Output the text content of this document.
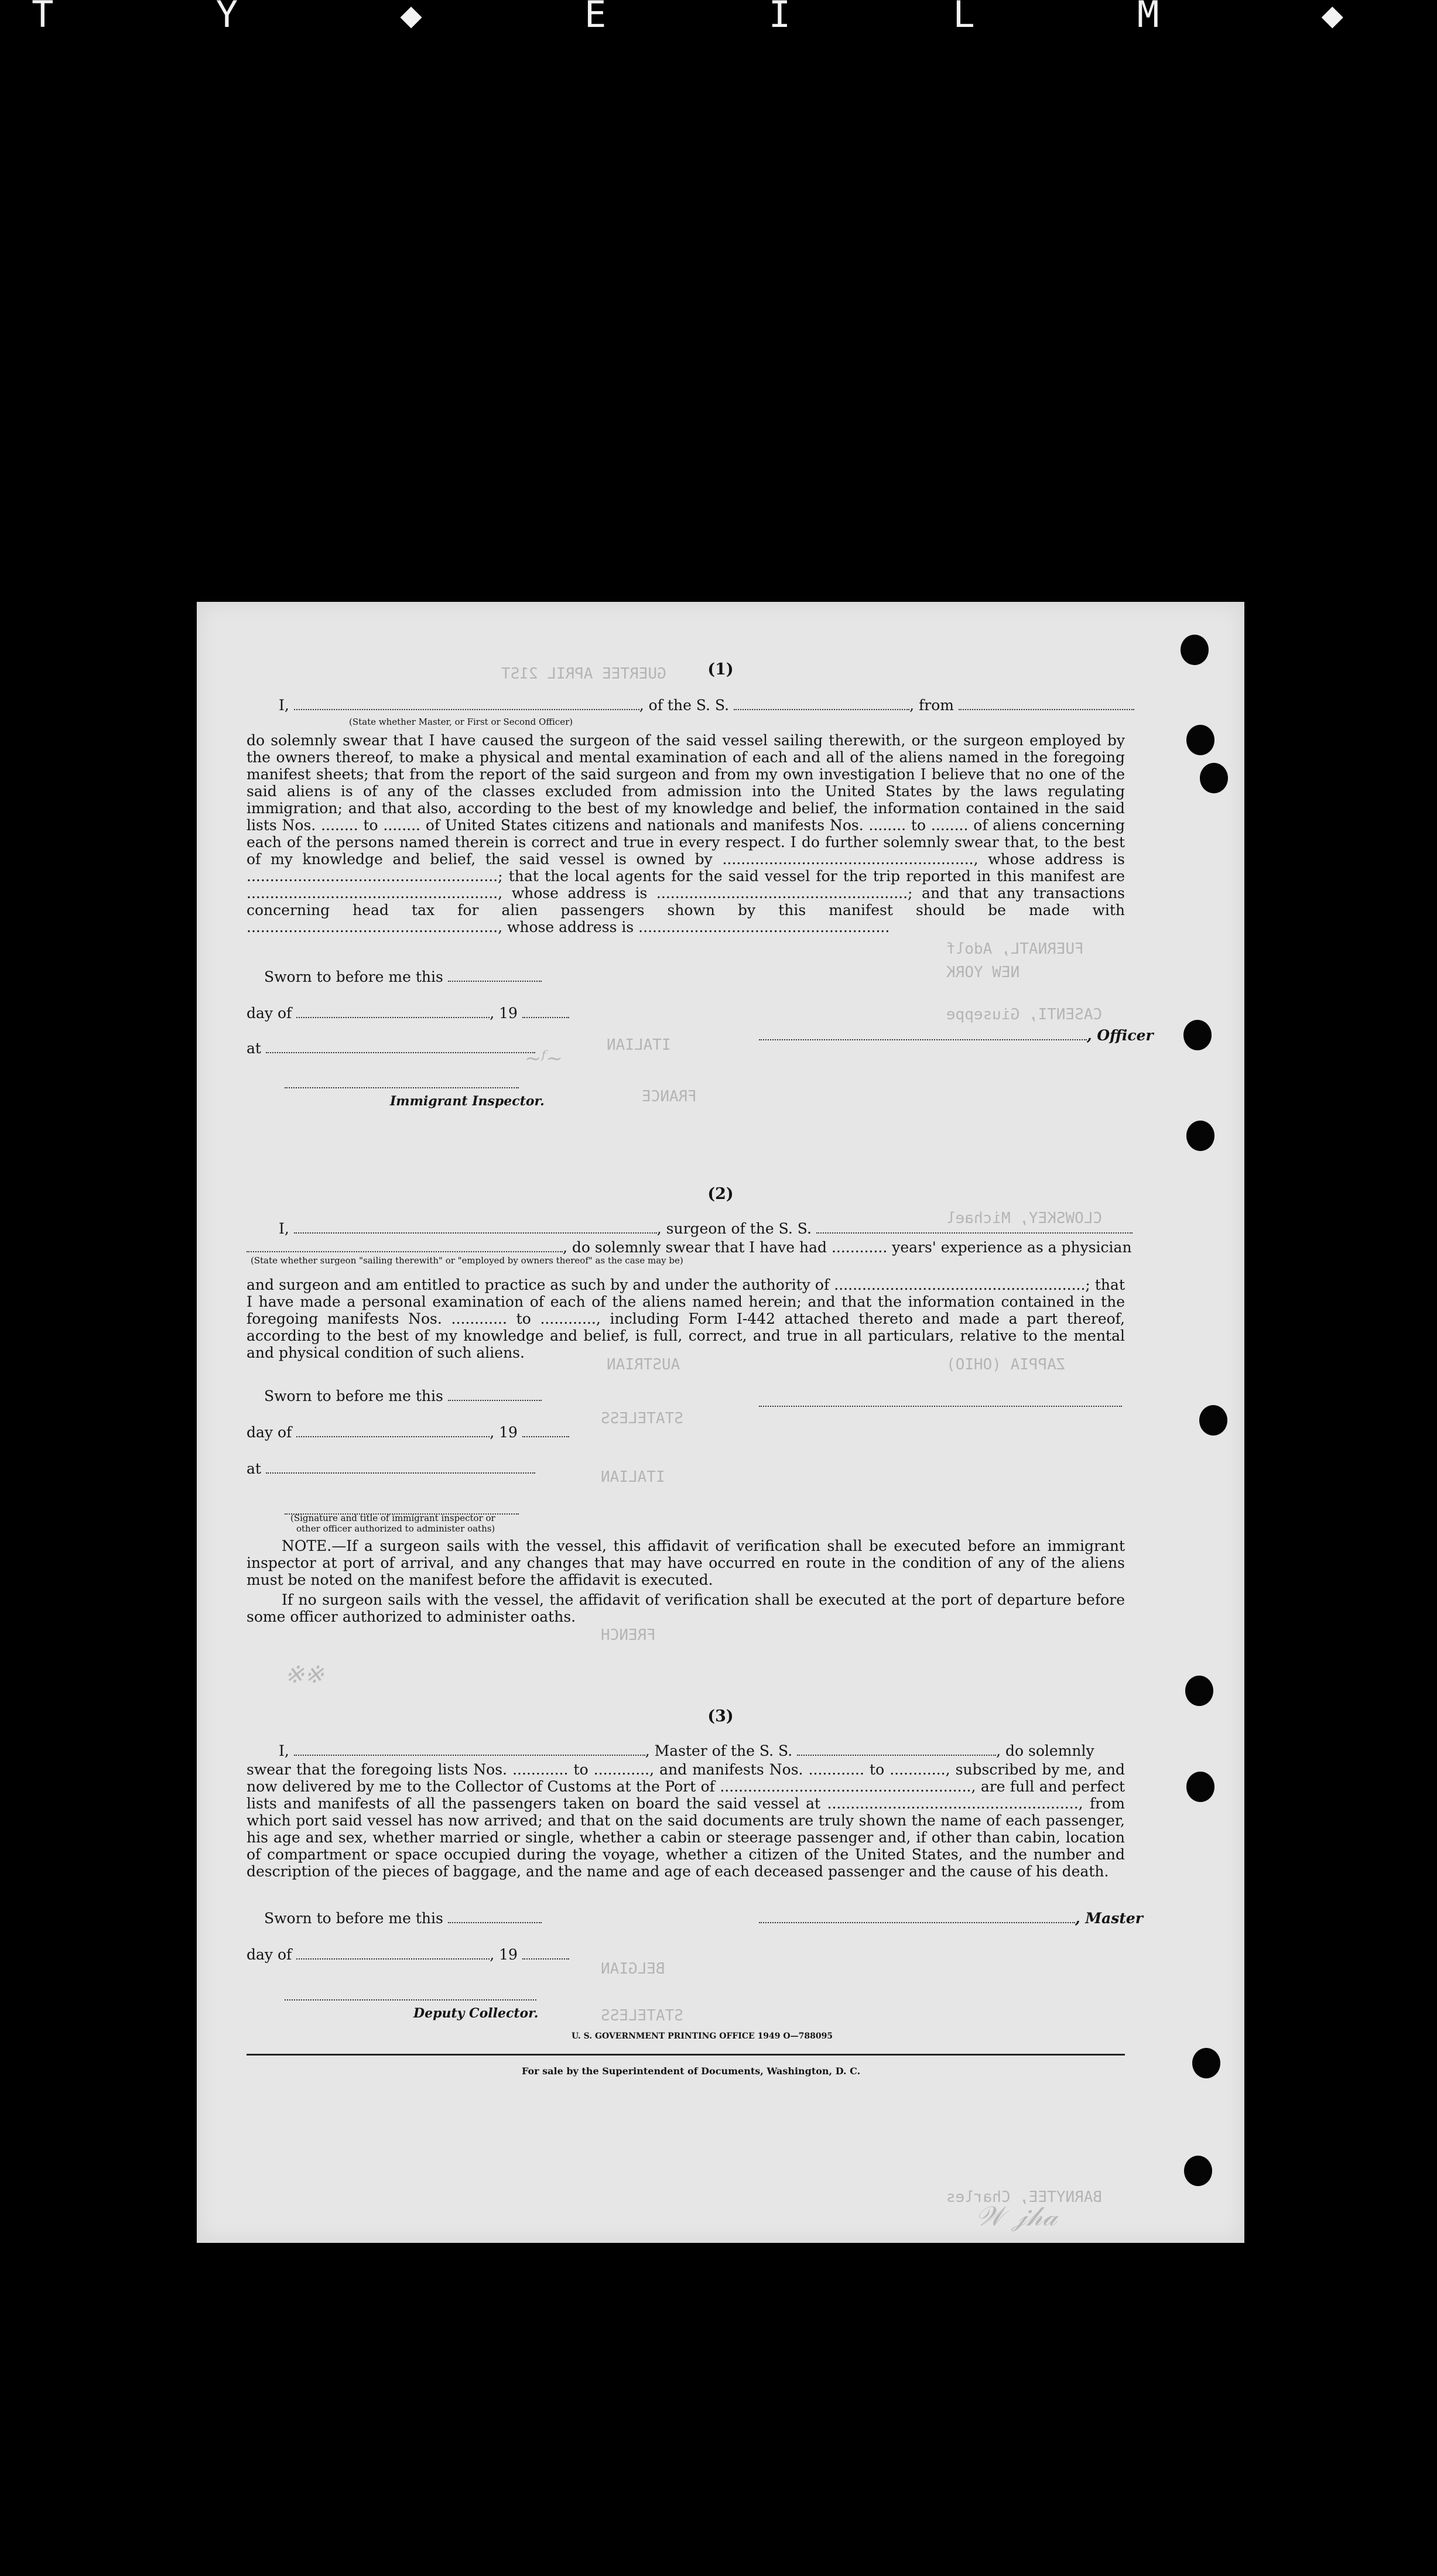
T Y ◆ E I L M ◆
GUERTEE APRIL 21ST
FUERNATL, Adolf
NEW YORK
CASENTI, Giuseppe
ITALIAN
FRANCE
CLOWSKEY, Michael
AUSTRIAN	ZAPPIA (OHIO)
STATELESS
ITALIAN
FRENCH
BELGIAN
STATELESS
BARNYTEE, Charles
(1)
I,	, of the S. S.	, from
(State whether Master, or First or Second Officer)
do solemnly swear that I have caused the surgeon of the said vessel sailing therewith, or the surgeon employed by the owners thereof, to make a physical and mental examination of each and all of the aliens named in the foregoing manifest sheets; that from the report of the said surgeon and from my own investigation I believe that no one of the said aliens is of any of the classes excluded from admission into the United States by the laws regulating immigration; and that also, according to the best of my knowledge and belief, the information contained in the said lists Nos. ........ to ........ of United States citizens and nationals and manifests Nos. ........ to ........ of aliens concerning each of the persons named therein is correct and true in every respect. I do further solemnly swear that, to the best of my knowledge and belief, the said vessel is owned by ......................................................, whose address is ......................................................; that the local agents for the said vessel for the trip reported in this manifest are ......................................................, whose address is ......................................................; and that any transactions concerning head tax for alien passengers shown by this manifest should be made with ......................................................, whose address is ......................................................
Sworn to before me this
day of	, 19
at
, Officer
Immigrant Inspector.
~ᶠ~
(2)
I,	, surgeon of the S. S.
, do solemnly swear that I have had ............ years' experience as a physician
(State whether surgeon "sailing therewith" or "employed by owners thereof" as the case may be)
and surgeon and am entitled to practice as such by and under the authority of ......................................................; that I have made a personal examination of each of the aliens named herein; and that the information contained in the foregoing manifests Nos. ............ to ............, including Form I-442 attached thereto and made a part thereof, according to the best of my knowledge and belief, is full, correct, and true in all particulars, relative to the mental and physical condition of such aliens.
Sworn to before me this
day of	, 19
at
(Signature and title of immigrant inspector or
other officer authorized to administer oaths)
NOTE.—If a surgeon sails with the vessel, this affidavit of verification shall be executed before an immigrant inspector at port of arrival, and any changes that may have occurred en route in the condition of any of the aliens must be noted on the manifest before the affidavit is executed.
If no surgeon sails with the vessel, the affidavit of verification shall be executed at the port of departure before some officer authorized to administer oaths.
※※
(3)
I,	, Master of the S. S.	, do solemnly
swear that the foregoing lists Nos. ............ to ............, and manifests Nos. ............ to ............, subscribed by me, and now delivered by me to the Collector of Customs at the Port of ......................................................, are full and perfect lists and manifests of all the passengers taken on board the said vessel at ......................................................, from which port said vessel has now arrived; and that on the said documents are truly shown the name of each passenger, his age and sex, whether married or single, whether a cabin or steerage passenger and, if other than cabin, location of compartment or space occupied during the voyage, whether a citizen of the United States, and the number and description of the pieces of baggage, and the name and age of each deceased passenger and the cause of his death.
Sworn to before me this	, Master
day of	, 19
Deputy Collector.
U. S. GOVERNMENT PRINTING OFFICE 1949 O—788095
For sale by the Superintendent of Documents, Washington, D. C.
𝒲 𝒿𝒽𝒶
